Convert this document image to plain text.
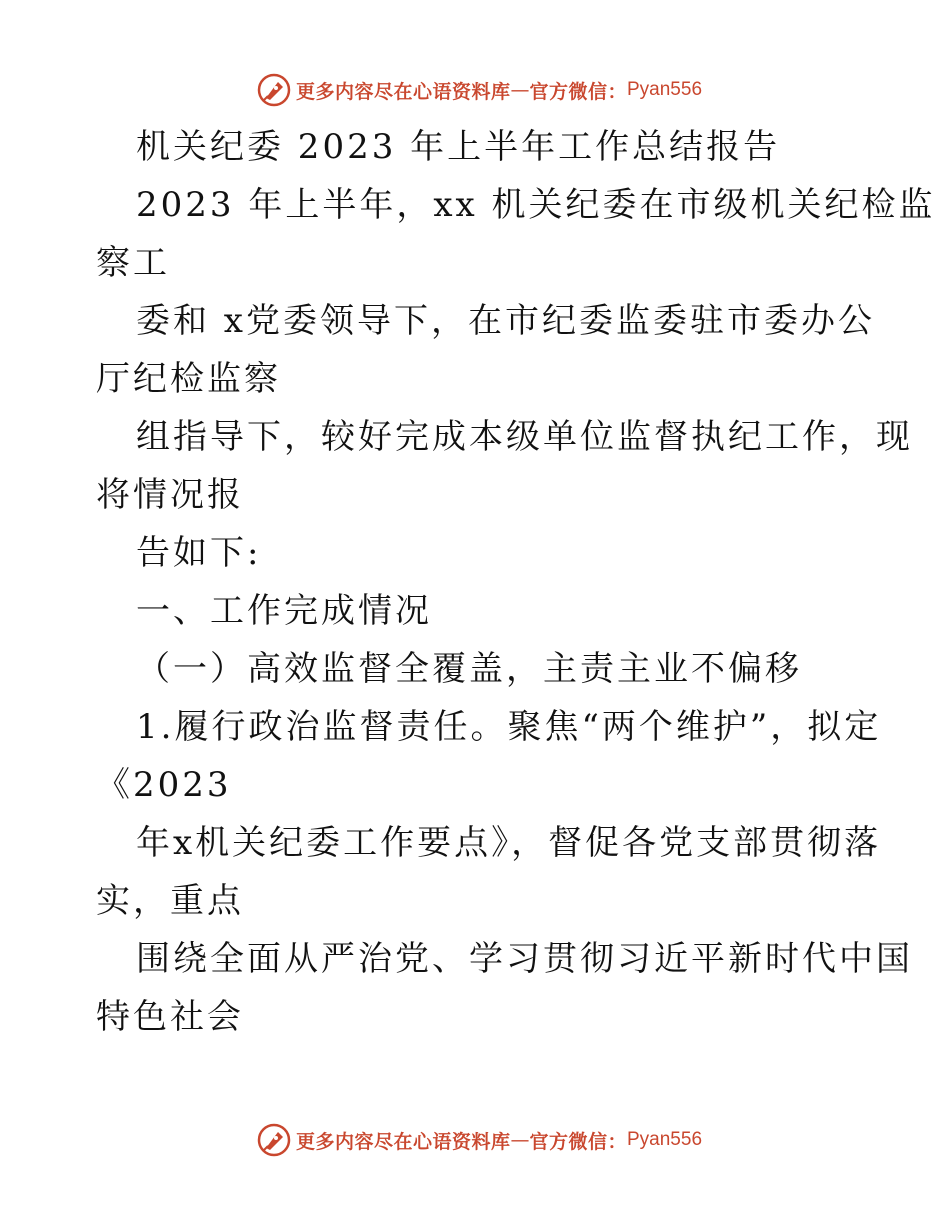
更多内容尽在心语资料库 — 官方微信： Pyan556
机关纪委 2023 年上半年工作总结报告
2023 年上半年，xx 机关纪委在市级机关纪检监
察工
委和 x党委领导下，在市纪委监委驻市委办公
厅纪检监察
组指导下，较好完成本级单位监督执纪工作，现
将情况报
告如下:
一、工作完成情况
（一）高效监督全覆盖，主责主业不偏移
1.履行政治监督责任。聚焦“两个维护”，拟定
《2023
年x机关纪委工作要点》，督促各党支部贯彻落
实，重点
围绕全面从严治党、学习贯彻习近平新时代中国
特色社会
更多内容尽在心语资料库 — 官方微信： Pyan556
